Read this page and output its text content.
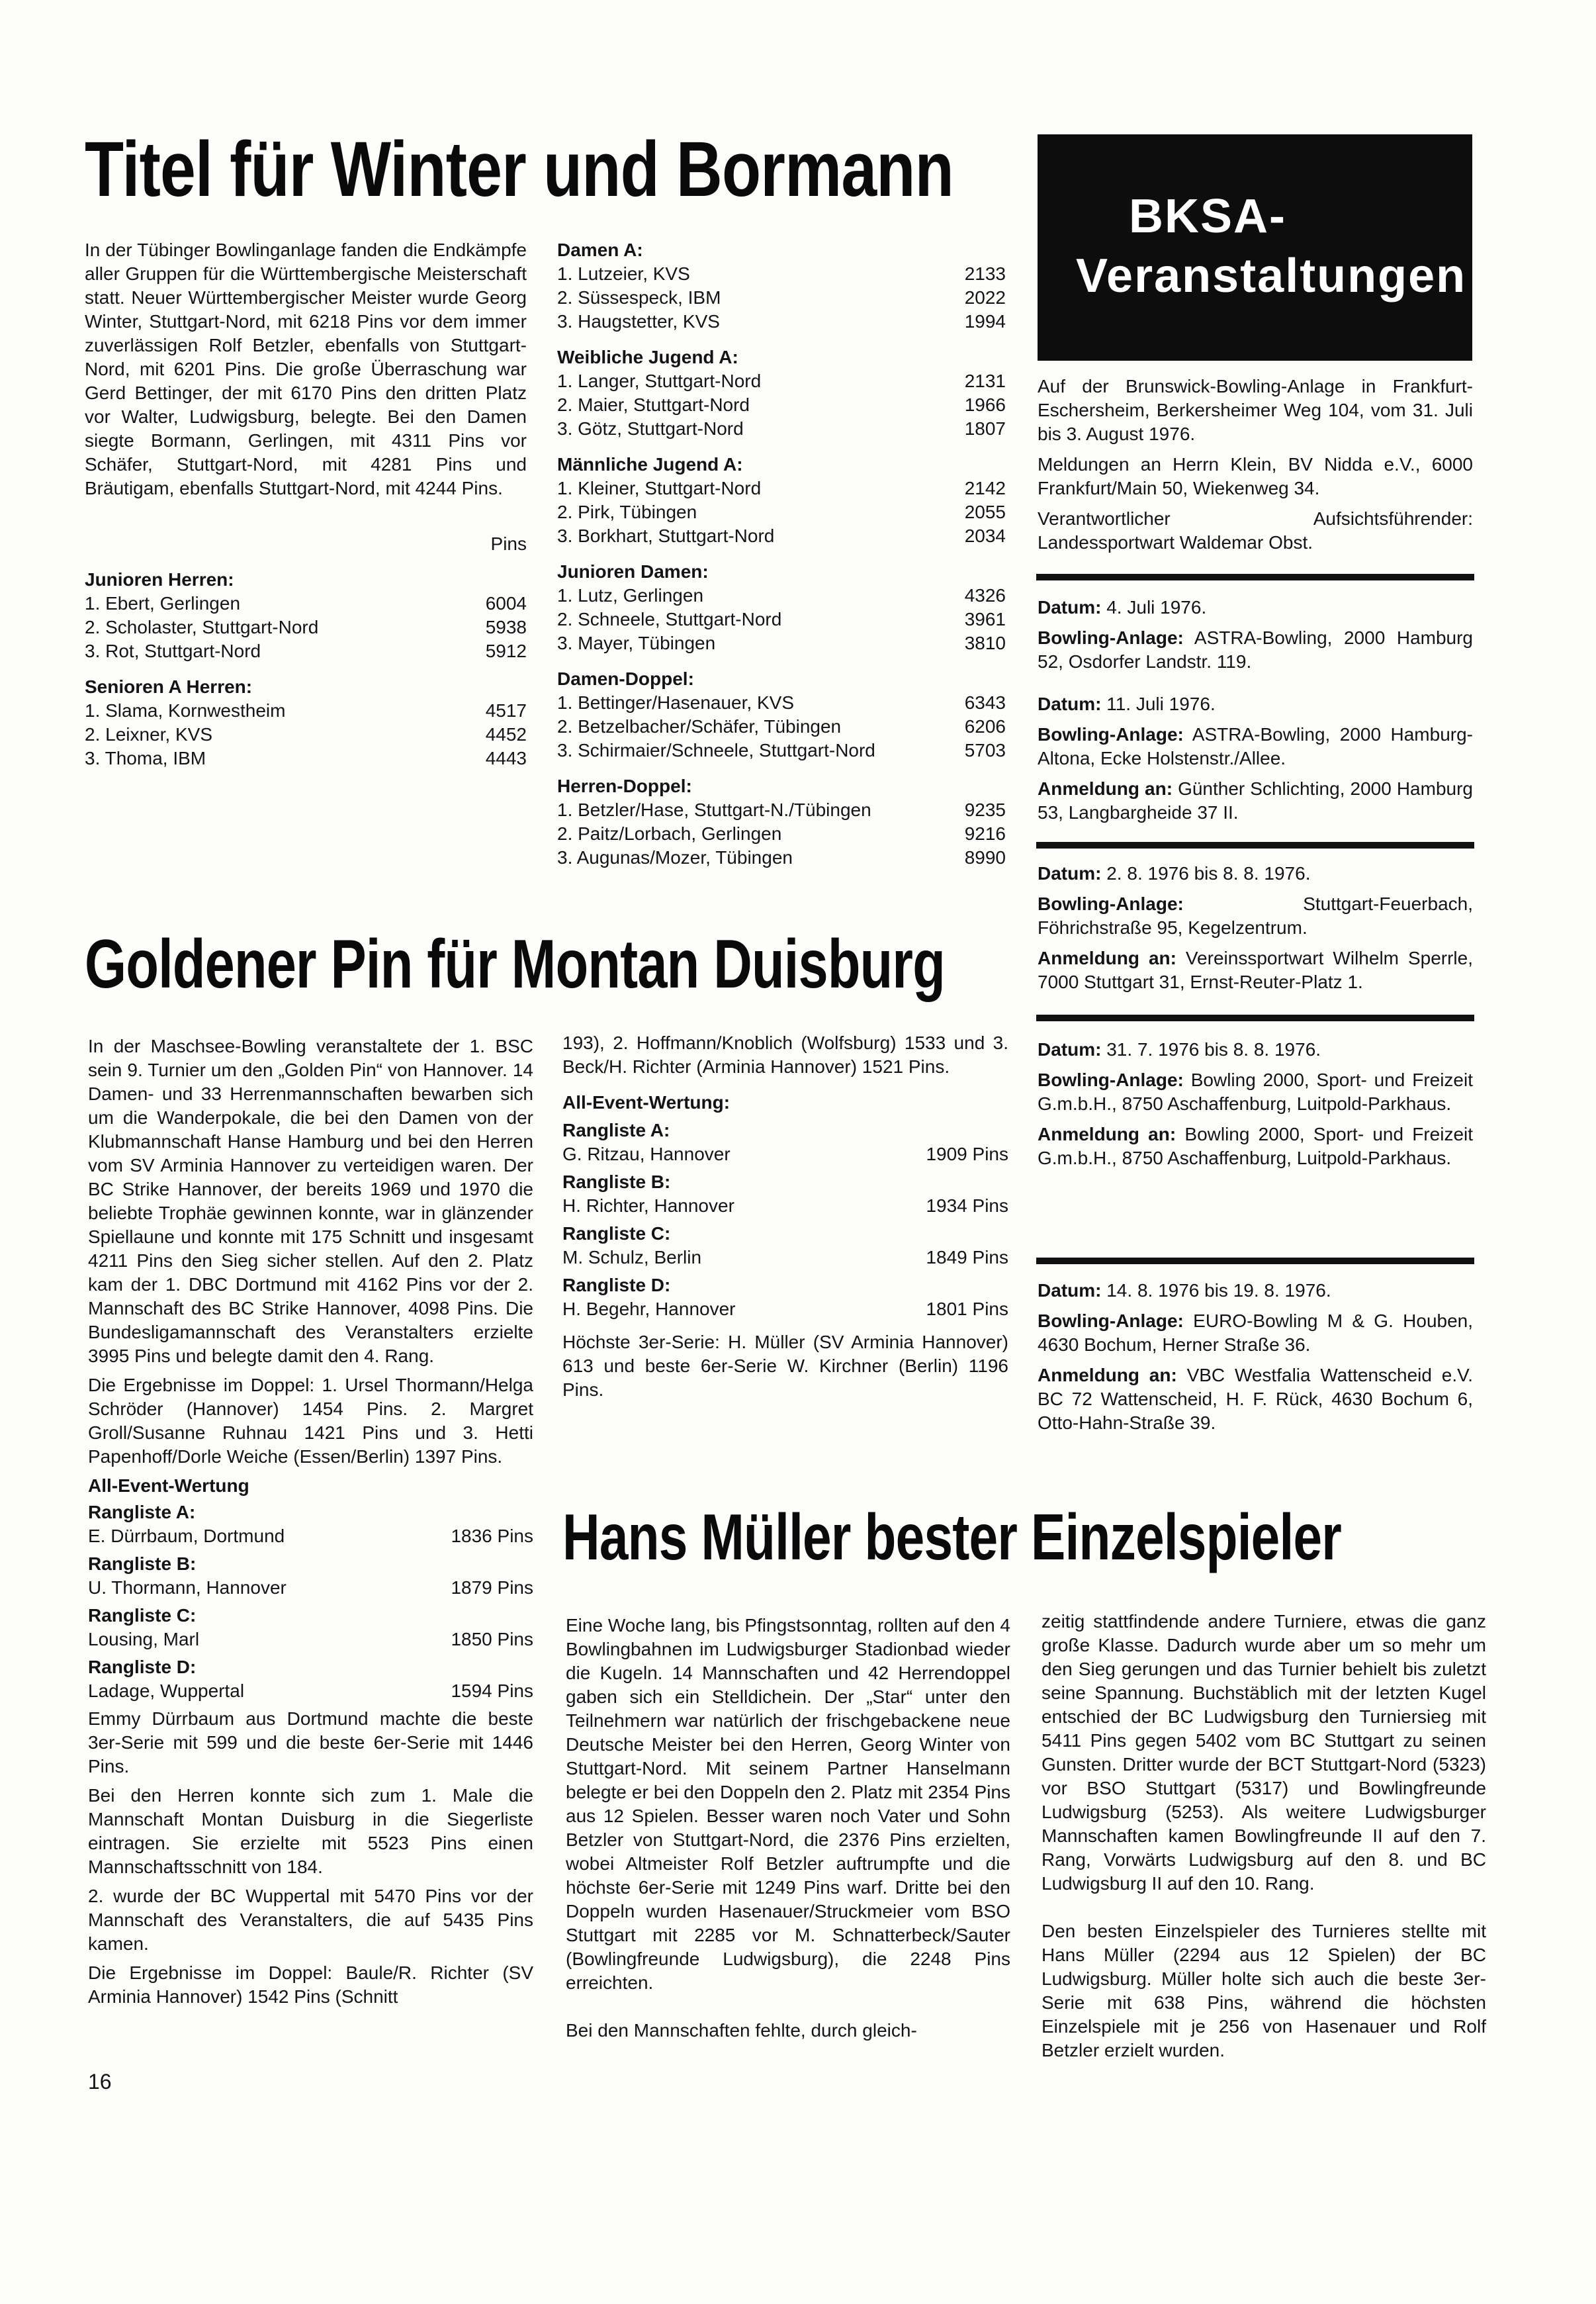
Titel für Winter und Bormann

In der Tübinger Bowlinganlage fanden die Endkämpfe aller Gruppen für die Württembergische Meisterschaft statt. Neuer Württembergischer Meister wurde Georg Winter, Stuttgart-Nord, mit 6218 Pins vor dem immer zuverlässigen Rolf Betzler, ebenfalls von Stuttgart-Nord, mit 6201 Pins. Die große Überraschung war Gerd Bettinger, der mit 6170 Pins den dritten Platz vor Walter, Ludwigsburg, belegte. Bei den Damen siegte Bormann, Gerlingen, mit 4311 Pins vor Schäfer, Stuttgart-Nord, mit 4281 Pins und Bräutigam, ebenfalls Stuttgart-Nord, mit 4244 Pins.

Pins
Junioren Herren:
1. Ebert, Gerlingen	6004
2. Scholaster, Stuttgart-Nord	5938
3. Rot, Stuttgart-Nord	5912
Senioren A Herren:
1. Slama, Kornwestheim	4517
2. Leixner, KVS	4452
3. Thoma, IBM	4443
Damen A:
1. Lutzeier, KVS	2133
2. Süssespeck, IBM	2022
3. Haugstetter, KVS	1994
Weibliche Jugend A:
1. Langer, Stuttgart-Nord	2131
2. Maier, Stuttgart-Nord	1966
3. Götz, Stuttgart-Nord	1807
Männliche Jugend A:
1. Kleiner, Stuttgart-Nord	2142
2. Pirk, Tübingen	2055
3. Borkhart, Stuttgart-Nord	2034
Junioren Damen:
1. Lutz, Gerlingen	4326
2. Schneele, Stuttgart-Nord	3961
3. Mayer, Tübingen	3810
Damen-Doppel:
1. Bettinger/Hasenauer, KVS	6343
2. Betzelbacher/Schäfer, Tübingen	6206
3. Schirmaier/Schneele, Stuttgart-Nord	5703
Herren-Doppel:
1. Betzler/Hase, Stuttgart-N./Tübingen	9235
2. Paitz/Lorbach, Gerlingen	9216
3. Augunas/Mozer, Tübingen	8990
Goldener Pin für Montan Duisburg

In der Maschsee-Bowling veranstaltete der 1. BSC sein 9. Turnier um den „Golden Pin“ von Hannover. 14 Damen- und 33 Herrenmannschaften bewarben sich um die Wanderpokale, die bei den Damen von der Klubmannschaft Hanse Hamburg und bei den Herren vom SV Arminia Hannover zu verteidigen waren. Der BC Strike Hannover, der bereits 1969 und 1970 die beliebte Trophäe gewinnen konnte, war in glänzender Spiellaune und konnte mit 175 Schnitt und insgesamt 4211 Pins den Sieg sicher stellen. Auf den 2. Platz kam der 1. DBC Dortmund mit 4162 Pins vor der 2. Mannschaft des BC Strike Hannover, 4098 Pins. Die Bundesligamannschaft des Veranstalters erzielte 3995 Pins und belegte damit den 4. Rang.

Die Ergebnisse im Doppel: 1. Ursel Thormann/Helga Schröder (Hannover) 1454 Pins. 2. Margret Groll/Susanne Ruhnau 1421 Pins und 3. Hetti Papenhoff/Dorle Weiche (Essen/Berlin) 1397 Pins.

All-Event-Wertung
Rangliste A:
E. Dürrbaum, Dortmund	1836 Pins
Rangliste B:
U. Thormann, Hannover	1879 Pins
Rangliste C:
Lousing, Marl	1850 Pins
Rangliste D:
Ladage, Wuppertal	1594 Pins

Emmy Dürrbaum aus Dortmund machte die beste 3er-Serie mit 599 und die beste 6er-Serie mit 1446 Pins.

Bei den Herren konnte sich zum 1. Male die Mannschaft Montan Duisburg in die Siegerliste eintragen. Sie erzielte mit 5523 Pins einen Mannschaftsschnitt von 184.

2. wurde der BC Wuppertal mit 5470 Pins vor der Mannschaft des Veranstalters, die auf 5435 Pins kamen.

Die Ergebnisse im Doppel: Baule/R. Richter (SV Arminia Hannover) 1542 Pins (Schnitt

16

193), 2. Hoffmann/Knoblich (Wolfsburg) 1533 und 3. Beck/H. Richter (Arminia Hannover) 1521 Pins.

All-Event-Wertung:
Rangliste A:
G. Ritzau, Hannover	1909 Pins
Rangliste B:
H. Richter, Hannover	1934 Pins
Rangliste C:
M. Schulz, Berlin	1849 Pins
Rangliste D:
H. Begehr, Hannover	1801 Pins

Höchste 3er-Serie: H. Müller (SV Arminia Hannover) 613 und beste 6er-Serie W. Kirchner (Berlin) 1196 Pins.

Hans Müller bester Einzelspieler

Eine Woche lang, bis Pfingstsonntag, rollten auf den 4 Bowlingbahnen im Ludwigsburger Stadionbad wieder die Kugeln. 14 Mannschaften und 42 Herrendoppel gaben sich ein Stelldichein. Der „Star“ unter den Teilnehmern war natürlich der frischgebackene neue Deutsche Meister bei den Herren, Georg Winter von Stuttgart-Nord. Mit seinem Partner Hanselmann belegte er bei den Doppeln den 2. Platz mit 2354 Pins aus 12 Spielen. Besser waren noch Vater und Sohn Betzler von Stuttgart-Nord, die 2376 Pins erzielten, wobei Altmeister Rolf Betzler auftrumpfte und die höchste 6er-Serie mit 1249 Pins warf. Dritte bei den Doppeln wurden Hasenauer/Struckmeier vom BSO Stuttgart mit 2285 vor M. Schnatterbeck/Sauter (Bowlingfreunde Ludwigsburg), die 2248 Pins erreichten.

Bei den Mannschaften fehlte, durch gleich-

zeitig stattfindende andere Turniere, etwas die ganz große Klasse. Dadurch wurde aber um so mehr um den Sieg gerungen und das Turnier behielt bis zuletzt seine Spannung. Buchstäblich mit der letzten Kugel entschied der BC Ludwigsburg den Turniersieg mit 5411 Pins gegen 5402 vom BC Stuttgart zu seinen Gunsten. Dritter wurde der BCT Stuttgart-Nord (5323) vor BSO Stuttgart (5317) und Bowlingfreunde Ludwigsburg (5253). Als weitere Ludwigsburger Mannschaften kamen Bowlingfreunde II auf den 7. Rang, Vorwärts Ludwigsburg auf den 8. und BC Ludwigsburg II auf den 10. Rang.

Den besten Einzelspieler des Turnieres stellte mit Hans Müller (2294 aus 12 Spielen) der BC Ludwigsburg. Müller holte sich auch die beste 3er-Serie mit 638 Pins, während die höchsten Einzelspiele mit je 256 von Hasenauer und Rolf Betzler erzielt wurden.

BKSA-
Veranstaltungen

Auf der Brunswick-Bowling-Anlage in Frankfurt-Eschersheim, Berkersheimer Weg 104, vom 31. Juli bis 3. August 1976.

Meldungen an Herrn Klein, BV Nidda e.V., 6000 Frankfurt/Main 50, Wiekenweg 34.

Verantwortlicher Aufsichtsführender: Landessportwart Waldemar Obst.

Datum: 4. Juli 1976.

Bowling-Anlage: ASTRA-Bowling, 2000 Hamburg 52, Osdorfer Landstr. 119.

Datum: 11. Juli 1976.

Bowling-Anlage: ASTRA-Bowling, 2000 Hamburg-Altona, Ecke Holstenstr./Allee.

Anmeldung an: Günther Schlichting, 2000 Hamburg 53, Langbargheide 37 II.

Datum: 2. 8. 1976 bis 8. 8. 1976.

Bowling-Anlage:	Stuttgart-Feuerbach, Föhrichstraße 95, Kegelzentrum.

Anmeldung an: Vereinssportwart Wilhelm Sperrle, 7000 Stuttgart 31, Ernst-Reuter-Platz 1.

Datum: 31. 7. 1976 bis 8. 8. 1976.

Bowling-Anlage: Bowling 2000, Sport- und Freizeit G.m.b.H., 8750 Aschaffenburg, Luitpold-Parkhaus.

Anmeldung an: Bowling 2000, Sport- und Freizeit G.m.b.H., 8750 Aschaffenburg, Luitpold-Parkhaus.

Datum: 14. 8. 1976 bis 19. 8. 1976.

Bowling-Anlage: EURO-Bowling M & G. Houben, 4630 Bochum, Herner Straße 36.

Anmeldung an: VBC Westfalia Wattenscheid e.V. BC 72 Wattenscheid, H. F. Rück, 4630 Bochum 6, Otto-Hahn-Straße 39.
